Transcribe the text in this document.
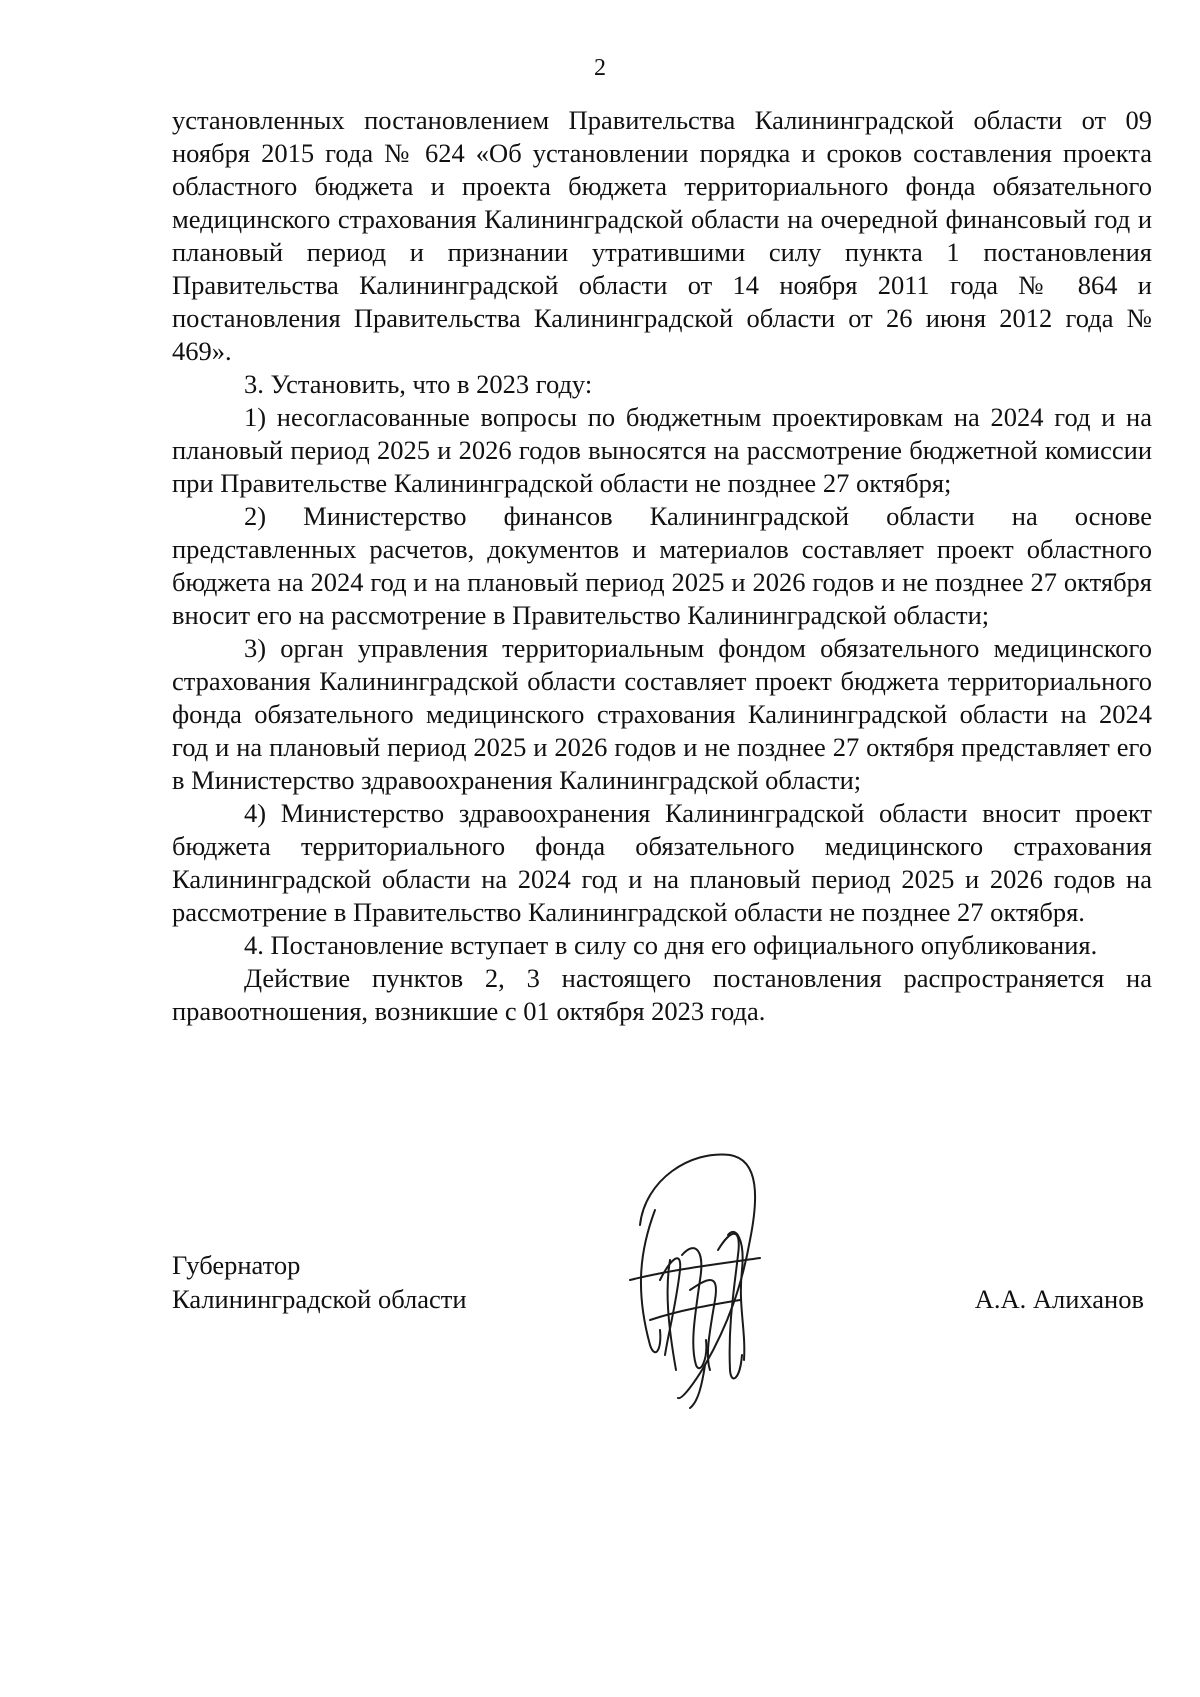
2

установленных постановлением Правительства Калининградской области от 09 ноября 2015 года № 624 «Об установлении порядка и сроков составления проекта областного бюджета и проекта бюджета территориального фонда обязательного медицинского страхования Калининградской области на очередной финансовый год и плановый период и признании утратившими силу пункта 1 постановления Правительства Калининградской области от 14 ноября 2011 года № 864 и постановления Правительства Калининградской области от 26 июня 2012 года № 469».

3. Установить, что в 2023 году:

1) несогласованные вопросы по бюджетным проектировкам на 2024 год и на плановый период 2025 и 2026 годов выносятся на рассмотрение бюджетной комиссии при Правительстве Калининградской области не позднее 27 октября;

2) Министерство финансов Калининградской области на основе представленных расчетов, документов и материалов составляет проект областного бюджета на 2024 год и на плановый период 2025 и 2026 годов и не позднее 27 октября вносит его на рассмотрение в Правительство Калининградской области;

3) орган управления территориальным фондом обязательного медицинского страхования Калининградской области составляет проект бюджета территориального фонда обязательного медицинского страхования Калининградской области на 2024 год и на плановый период 2025 и 2026 годов и не позднее 27 октября представляет его в Министерство здравоохранения Калининградской области;

4) Министерство здравоохранения Калининградской области вносит проект бюджета территориального фонда обязательного медицинского страхования Калининградской области на 2024 год и на плановый период 2025 и 2026 годов на рассмотрение в Правительство Калининградской области не позднее 27 октября.

4. Постановление вступает в силу со дня его официального опубликования.

Действие пунктов 2, 3 настоящего постановления распространяется на правоотношения, возникшие с 01 октября 2023 года.

Губернатор
Калининградской области	А.А. Алиханов
